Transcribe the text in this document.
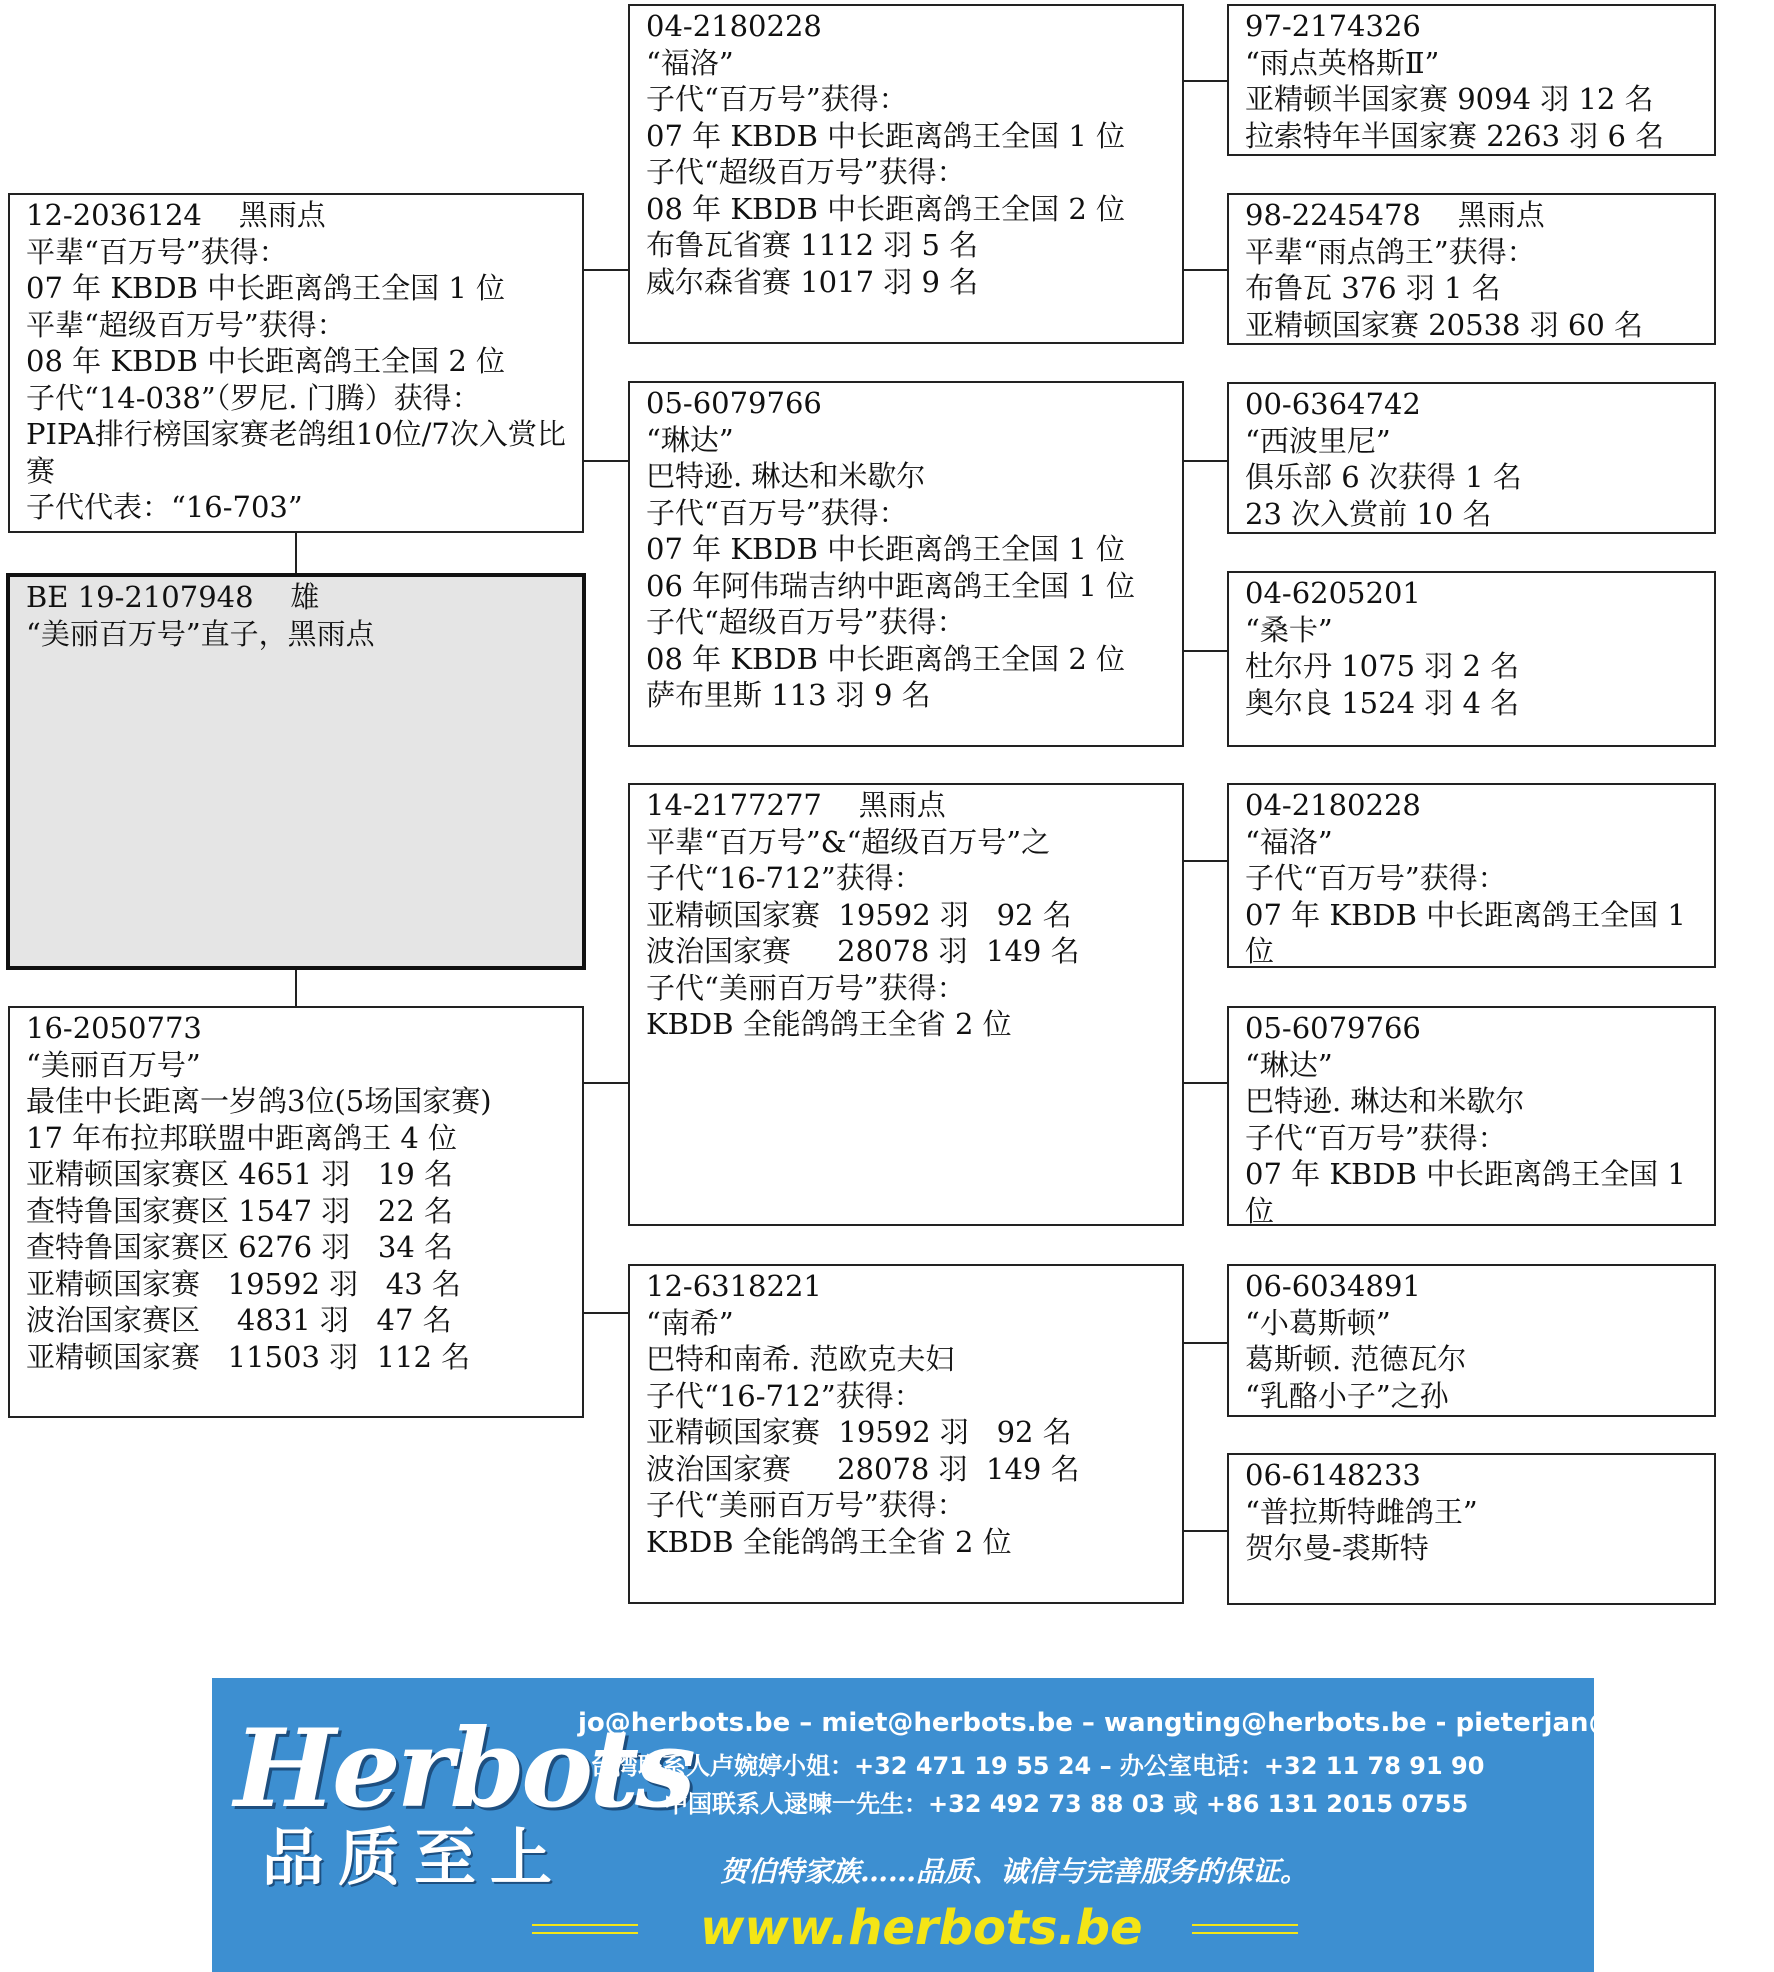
BE 19-2107948    雄
“美丽百万号”直子，黑雨点
12-2036124    黑雨点
平辈“百万号”获得：
07 年 KBDB 中长距离鸽王全国 1 位
平辈“超级百万号”获得：
08 年 KBDB 中长距离鸽王全国 2 位
子代“14-038”（罗尼. 门腾）获得：
PIPA排行榜国家赛老鸽组10位/7次入赏比赛
子代代表：“16-703”
16-2050773
“美丽百万号”
最佳中长距离一岁鸽3位(5场国家赛)
17 年布拉邦联盟中距离鸽王 4 位
亚精顿国家赛区 4651 羽   19 名
查特鲁国家赛区 1547 羽   22 名
查特鲁国家赛区 6276 羽   34 名
亚精顿国家赛   19592 羽   43 名
波治国家赛区    4831 羽   47 名
亚精顿国家赛   11503 羽  112 名
04-2180228
“福洛”
子代“百万号”获得：
07 年 KBDB 中长距离鸽王全国 1 位
子代“超级百万号”获得：
08 年 KBDB 中长距离鸽王全国 2 位
布鲁瓦省赛 1112 羽 5 名
威尔森省赛 1017 羽 9 名
05-6079766
“琳达”
巴特逊. 琳达和米歇尔
子代“百万号”获得：
07 年 KBDB 中长距离鸽王全国 1 位
06 年阿伟瑞吉纳中距离鸽王全国 1 位
子代“超级百万号”获得：
08 年 KBDB 中长距离鸽王全国 2 位
萨布里斯 113 羽 9 名
14-2177277    黑雨点
平辈“百万号”&“超级百万号”之
子代“16-712”获得：
亚精顿国家赛  19592 羽   92 名
波治国家赛     28078 羽  149 名
子代“美丽百万号”获得：
KBDB 全能鸽鸽王全省 2 位
12-6318221
“南希”
巴特和南希. 范欧克夫妇
子代“16-712”获得：
亚精顿国家赛  19592 羽   92 名
波治国家赛     28078 羽  149 名
子代“美丽百万号”获得：
KBDB 全能鸽鸽王全省 2 位
97-2174326
“雨点英格斯Ⅱ”
亚精顿半国家赛 9094 羽 12 名
拉索特年半国家赛 2263 羽 6 名
98-2245478    黑雨点
平辈“雨点鸽王”获得：
布鲁瓦 376 羽 1 名
亚精顿国家赛 20538 羽 60 名
00-6364742
“西波里尼”
俱乐部 6 次获得 1 名
23 次入赏前 10 名
04-6205201
“桑卡”
杜尔丹 1075 羽 2 名
奥尔良 1524 羽 4 名
04-2180228
“福洛”
子代“百万号”获得：
07 年 KBDB 中长距离鸽王全国 1 位
05-6079766
“琳达”
巴特逊. 琳达和米歇尔
子代“百万号”获得：
07 年 KBDB 中长距离鸽王全国 1 位
06-6034891
“小葛斯顿”
葛斯顿. 范德瓦尔
“乳酪小子”之孙
06-6148233
“普拉斯特雌鸽王”
贺尔曼-裘斯特
Herbots
品质至上
jo@herbots.be – miet@herbots.be – wangting@herbots.be - pieterjan@herbots.be
台湾联系人卢婉婷小姐：+32 471 19 55 24 – 办公室电话：+32 11 78 91 90
中国联系人逯暕一先生：+32 492 73 88 03 或 +86 131 2015 0755
贺伯特家族……品质、诚信与完善服务的保证。
www.herbots.be
